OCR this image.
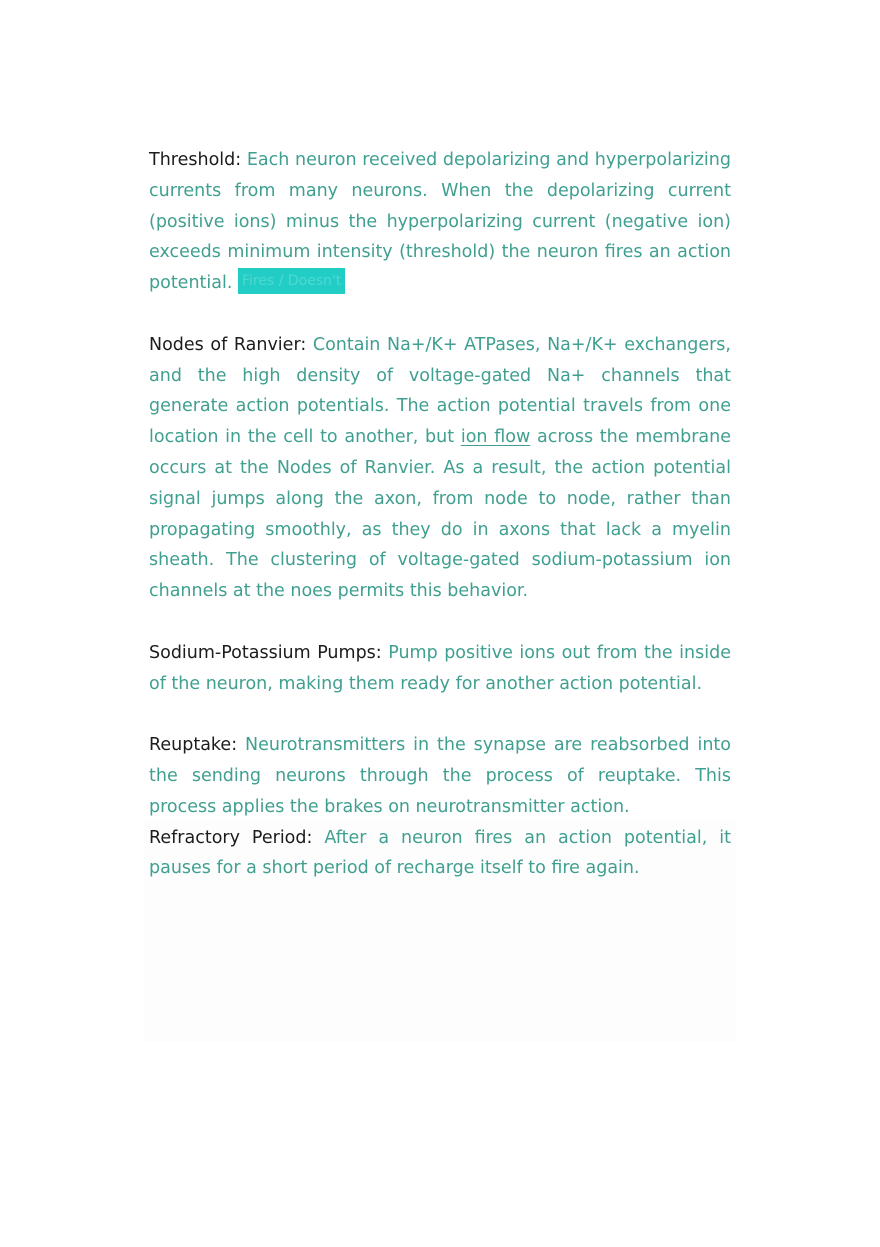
Threshold: Each neuron received depolarizing and hyperpolarizing currents from many neurons. When the depolarizing current (positive ions) minus the hyperpolarizing current (negative ion) exceeds minimum intensity (threshold) the neuron fires an action potential. Fires / Doesn't

Nodes of Ranvier: Contain Na+/K+ ATPases, Na+/K+ exchangers, and the high density of voltage-gated Na+ channels that generate action potentials. The action potential travels from one location in the cell to another, but ion flow across the membrane occurs at the Nodes of Ranvier. As a result, the action potential signal jumps along the axon, from node to node, rather than propagating smoothly, as they do in axons that lack a myelin sheath. The clustering of voltage-gated sodium-potassium ion channels at the noes permits this behavior.

Sodium-Potassium Pumps: Pump positive ions out from the inside of the neuron, making them ready for another action potential.

Reuptake: Neurotransmitters in the synapse are reabsorbed into the sending neurons through the process of reuptake. This process applies the brakes on neurotransmitter action.

Refractory Period: After a neuron fires an action potential, it pauses for a short period of recharge itself to fire again.
